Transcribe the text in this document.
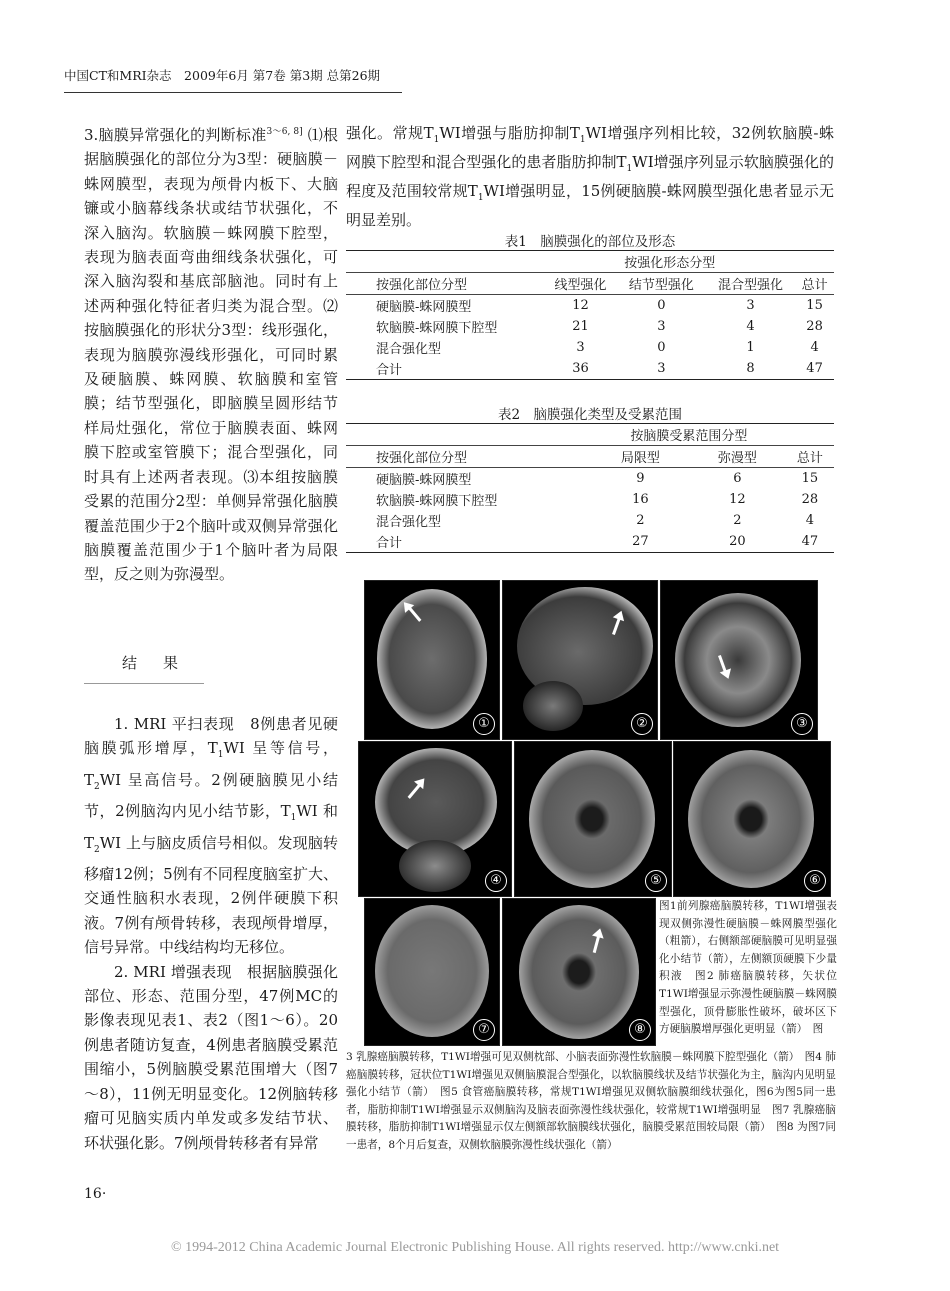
中国CT和MRI杂志　2009年6月 第7卷 第3期 总第26期

3.脑膜异常强化的判断标准$^{3\sim 6, 8]}$ ⑴根据脑膜强化的部位分为3型：硬脑膜－蛛网膜型，表现为颅骨内板下、大脑镰或小脑幕线条状或结节状强化，不深入脑沟。软脑膜－蛛网膜下腔型，表现为脑表面弯曲细线条状强化，可深入脑沟裂和基底部脑池。同时有上述两种强化特征者归类为混合型。⑵按脑膜强化的形状分3型：线形强化，表现为脑膜弥漫线形强化，可同时累及硬脑膜、蛛网膜、软脑膜和室管膜；结节型强化，即脑膜呈圆形结节样局灶强化，常位于脑膜表面、蛛网膜下腔或室管膜下；混合型强化，同时具有上述两者表现。⑶本组按脑膜受累的范围分2型：单侧异常强化脑膜覆盖范围少于2个脑叶或双侧异常强化脑膜覆盖范围少于1个脑叶者为局限型，反之则为弥漫型。

结果

1. MRI 平扫表现　8例患者见硬脑膜弧形增厚，$T_1WI$ 呈等信号，$T_2WI$ 呈高信号。2例硬脑膜见小结节，2例脑沟内见小结节影，$T_1WI$ 和 $T_2WI$ 上与脑皮质信号相似。发现脑转移瘤12例；5例有不同程度脑室扩大、交通性脑积水表现，2例伴硬膜下积液。7例有颅骨转移，表现颅骨增厚，信号异常。中线结构均无移位。

2. MRI 增强表现　根据脑膜强化部位、形态、范围分型，47例MC的影像表现见表1、表2（图1～6）。20例患者随访复查，4例患者脑膜受累范围缩小，5例脑膜受累范围增大（图7～8），11例无明显变化。12例脑转移瘤可见脑实质内单发或多发结节状、环状强化影。7例颅骨转移者有异常

强化。常规$T_1WI$增强与脂肪抑制$T_1WI$增强序列相比较，32例软脑膜-蛛网膜下腔型和混合型强化的患者脂肪抑制$T_1WI$增强序列显示软脑膜强化的程度及范围较常规$T_1WI$增强明显，15例硬脑膜-蛛网膜型强化患者显示无明显差别。
表1　脑膜强化的部位及形态
	按强化形态分型			
按强化部位分型	线型强化	结节型强化	混合型强化	总计
硬脑膜-蛛网膜型	12	0	3	15
软脑膜-蛛网膜下腔型	21	3	4	28
混合强化型	3	0	1	4
合计	36	3	8	47
表2　脑膜强化类型及受累范围
	按脑膜受累范围分型		
按强化部位分型	局限型	弥漫型	总计
硬脑膜-蛛网膜型	9	6	15
软脑膜-蛛网膜下腔型	16	12	28
混合强化型	2	2	4
合计	27	20	47
①	②	③
④	⑤	⑥
⑦	⑧
图1前列腺癌脑膜转移，T1WI增强表现双侧弥漫性硬脑膜－蛛网膜型强化（粗箭），右侧额部硬脑膜可见明显强化小结节（箭），左侧额顶硬膜下少量积液　图2 肺癌脑膜转移，矢状位T1WI增强显示弥漫性硬脑膜－蛛网膜型强化，顶骨膨胀性破坏，破坏区下方硬脑膜增厚强化更明显（箭）　图
3 乳腺癌脑膜转移，T1WI增强可见双侧枕部、小脑表面弥漫性软脑膜－蛛网膜下腔型强化（箭）　图4 肺癌脑膜转移，冠状位T1WI增强见双侧脑膜混合型强化，以软脑膜线状及结节状强化为主，脑沟内见明显强化小结节（箭）　图5 食管癌脑膜转移，常规T1WI增强见双侧软脑膜细线状强化，图6为图5同一患者，脂肪抑制T1WI增强显示双侧脑沟及脑表面弥漫性线状强化，较常规T1WI增强明显　图7 乳腺癌脑膜转移，脂肪抑制T1WI增强显示仅左侧额部软脑膜线状强化，脑膜受累范围较局限（箭）　图8 为图7同一患者，8个月后复查，双侧软脑膜弥漫性线状强化（箭）
16·
© 1994-2012 China Academic Journal Electronic Publishing House. All rights reserved. http://www.cnki.net
